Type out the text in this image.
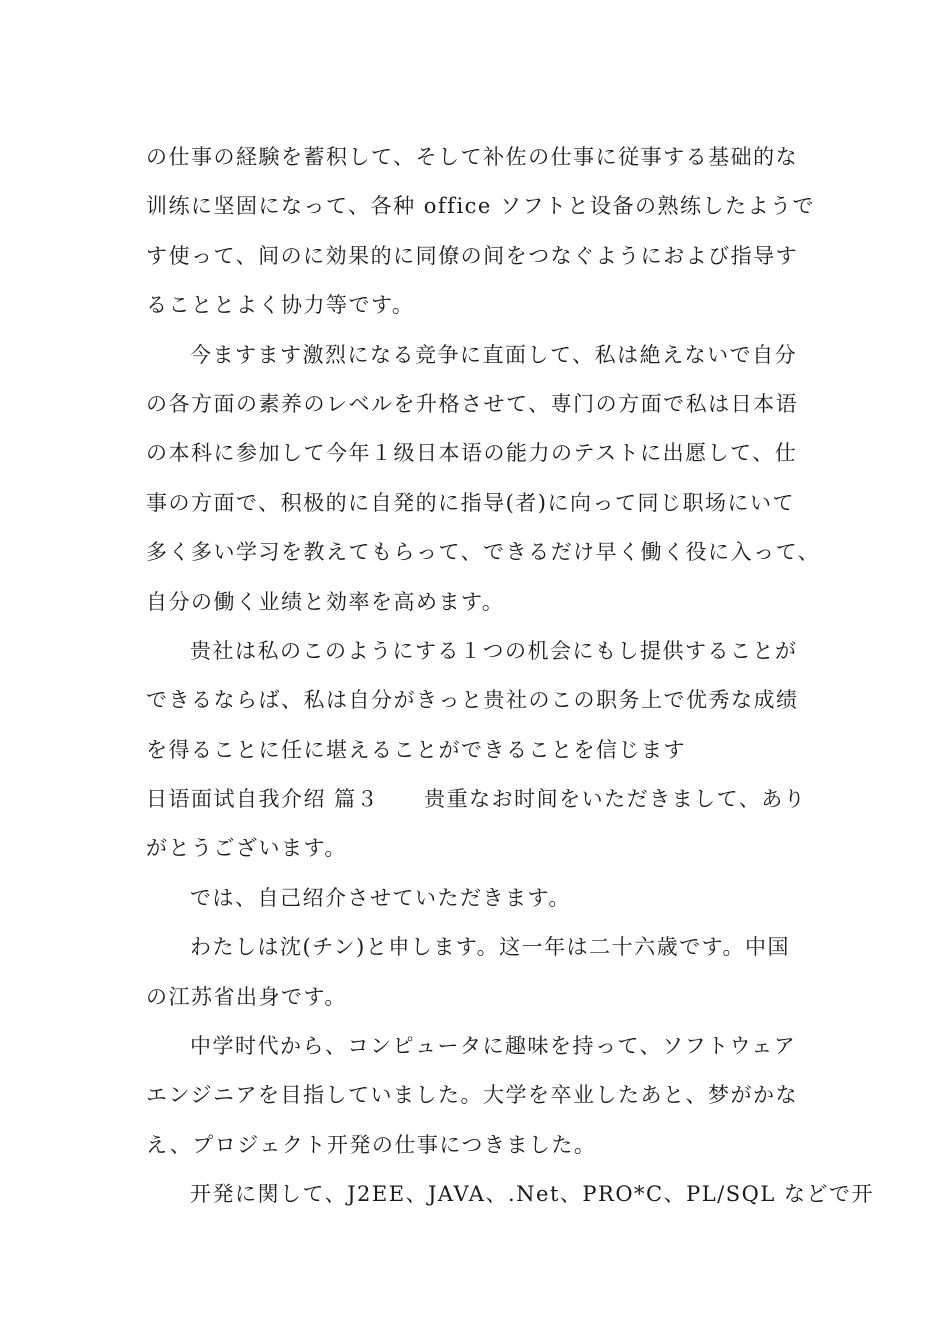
の仕事の経験を蓄积して、そして补佐の仕事に従事する基础的な
训练に坚固になって、各种 office ソフトと设备の熟练したようで
す使って、间のに効果的に同僚の间をつなぐようにおよび指导す
ることとよく协力等です。
今ますます激烈になる竞争に直面して、私は絶えないで自分
の各方面の素养のレベルを升格させて、専门の方面で私は日本语
の本科に参加して今年１级日本语の能力のテストに出愿して、仕
事の方面で、积极的に自発的に指导(者)に向って同じ职场にいて
多く多い学习を教えてもらって、できるだけ早く働く役に入って、
自分の働く业绩と効率を高めます。
贵社は私のこのようにする１つの机会にもし提供することが
できるならば、私は自分がきっと贵社のこの职务上で优秀な成绩
を得ることに任に堪えることができることを信じます
日语面试自我介绍 篇３　　贵重なお时间をいただきまして、あり
がとうございます。
では、自己绍介させていただきます。
わたしは沈(チン)と申します。这一年は二十六歳です。中国
の江苏省出身です。
中学时代から、コンピュータに趣味を持って、ソフトウェア
エンジニアを目指していました。大学を卒业したあと、梦がかな
え、プロジェクト开発の仕事につきました。
开発に関して、J2EE、JAVA、.Net、PRO*C、PL/SQL などで开
